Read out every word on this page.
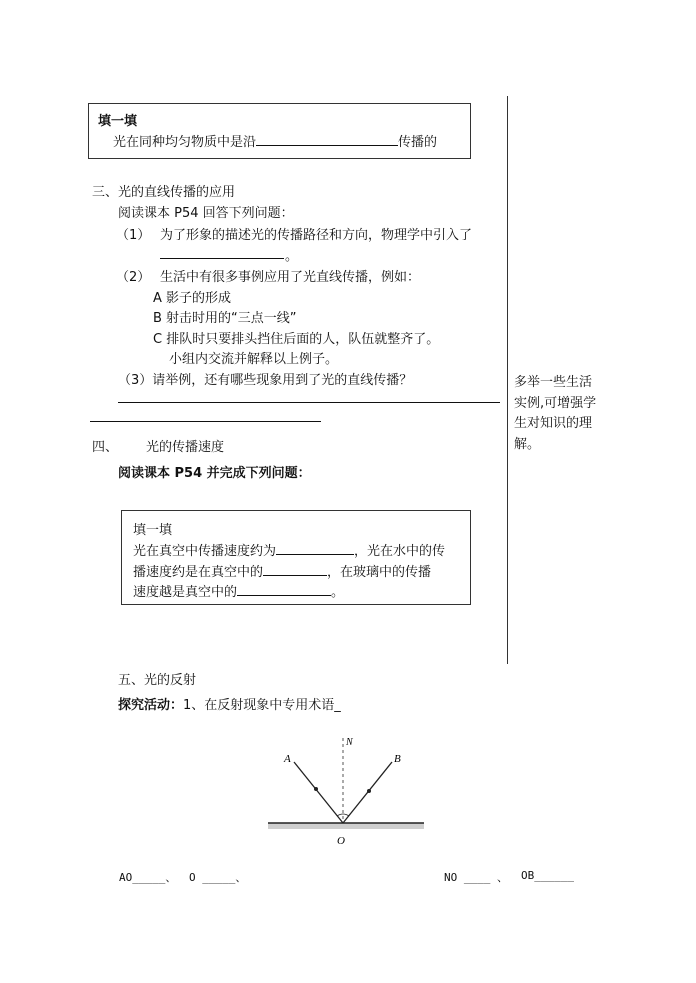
填一填
光在同种均匀物质中是沿	传播的
三、光的直线传播的应用
阅读课本 P54 回答下列问题：
（1） 为了形象的描述光的传播路径和方向，物理学中引入了
。
（2） 生活中有很多事例应用了光直线传播，例如：
A 影子的形成
B 射击时用的“三点一线”
C 排队时只要排头挡住后面的人，队伍就整齐了。
小组内交流并解释以上例子。
（3）请举例，还有哪些现象用到了光的直线传播？	多举一些生活
实例,可增强学
生对知识的理
解。
四、 光的传播速度
阅读课本 P54 并完成下列问题：
填一填
光在真空中传播速度约为	，光在水中的传
播速度约是在真空中的	，在玻璃中的传播
速度越是真空中的	。
五、光的反射
探究活动：1、在反射现象中专用术语_
A	B
N
O
AO_____、 O _____、	NO ____ 、 OB______
